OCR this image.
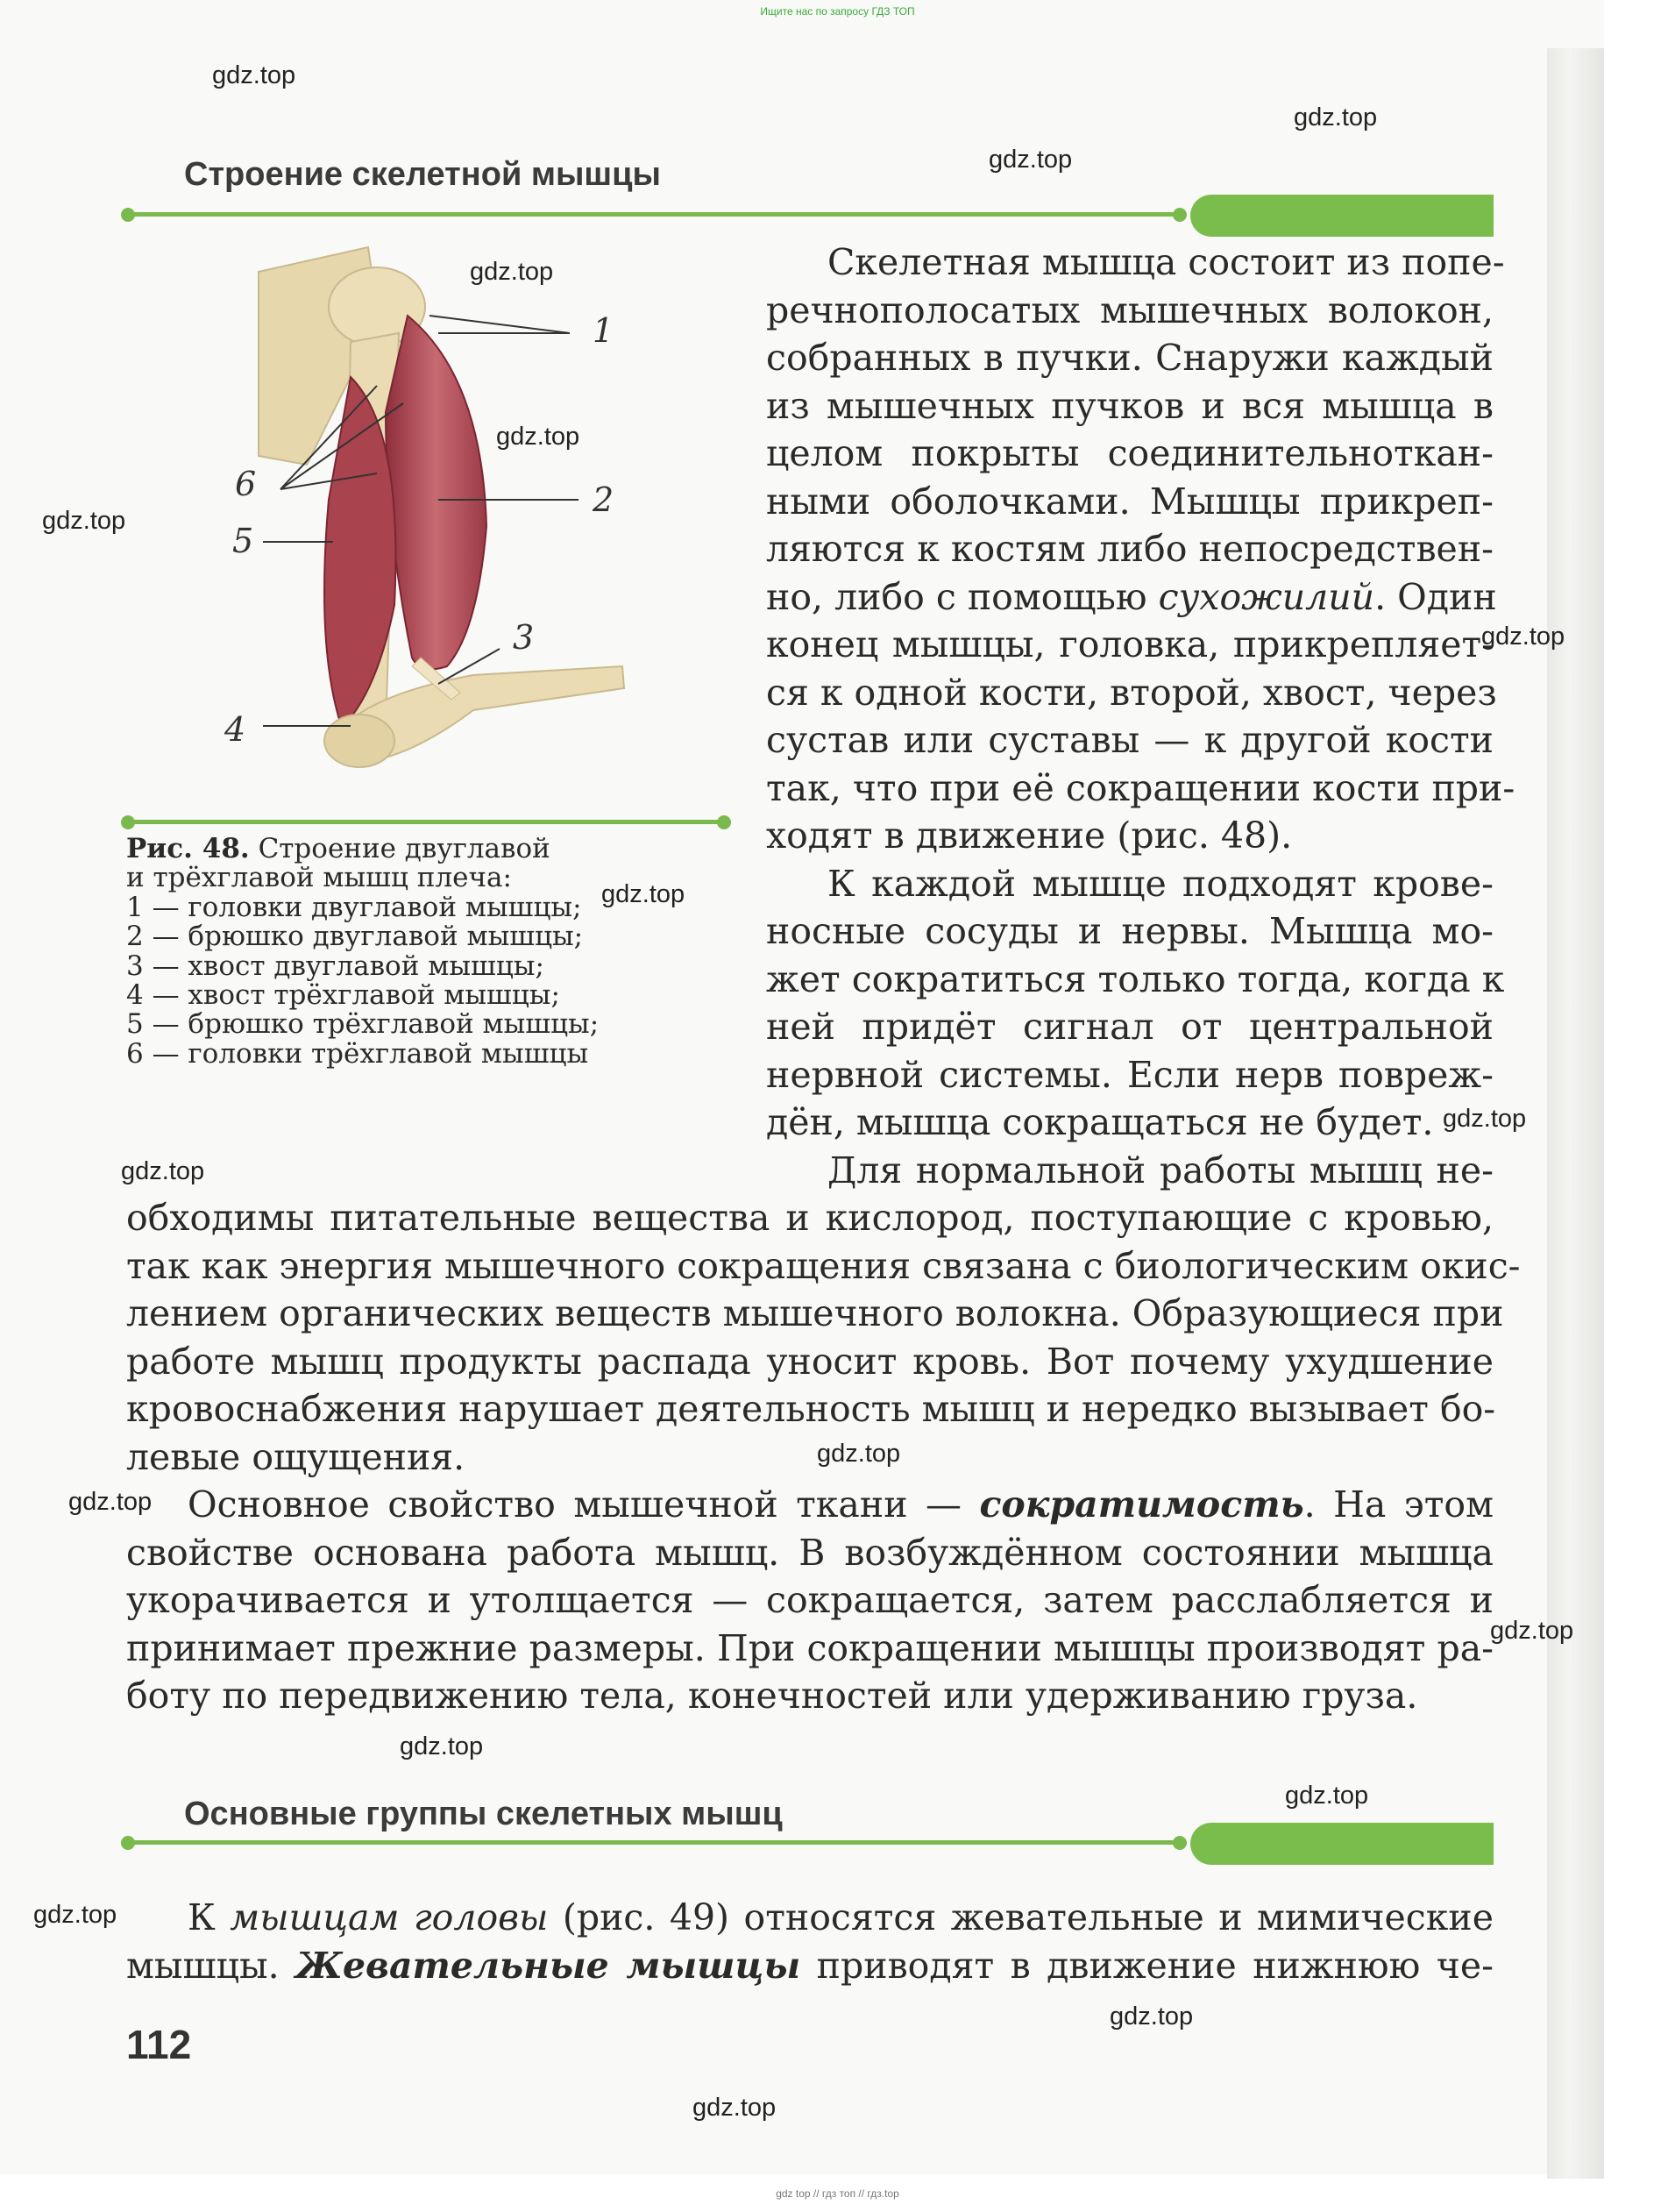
Ищите нас по запросу ГДЗ ТОП
Строение скелетной мышцы
1
2
3
4
5
6
Рис. 48. Строение двуглавой
и трёхглавой мышц плеча:
1 — головки двуглавой мышцы;
2 — брюшко двуглавой мышцы;
3 — хвост двуглавой мышцы;
4 — хвост трёхглавой мышцы;
5 — брюшко трёхглавой мышцы;
6 — головки трёхглавой мышцы
Скелетная мышца состоит из попе-
речнополосатых мышечных волокон,
собранных в пучки. Снаружи каждый
из мышечных пучков и вся мышца в
целом покрыты соединительноткан-
ными оболочками. Мышцы прикреп-
ляются к костям либо непосредствен-
но, либо с помощью сухожилий. Один
конец мышцы, головка, прикрепляет-
ся к одной кости, второй, хвост, через
сустав или суставы — к другой кости
так, что при её сокращении кости при-
ходят в движение (рис. 48).
К каждой мышце подходят крове-
носные сосуды и нервы. Мышца мо-
жет сократиться только тогда, когда к
ней придёт сигнал от центральной
нервной системы. Если нерв повреж-
дён, мышца сокращаться не будет.
Для нормальной работы мышц не-
обходимы питательные вещества и кислород, поступающие с кровью,
так как энергия мышечного сокращения связана с биологическим окис-
лением органических веществ мышечного волокна. Образующиеся при
работе мышц продукты распада уносит кровь. Вот почему ухудшение
кровоснабжения нарушает деятельность мышц и нередко вызывает бо-
левые ощущения.
Основное свойство мышечной ткани — сократимость. На этом
свойстве основана работа мышц. В возбуждённом состоянии мышца
укорачивается и утолщается — сокращается, затем расслабляется и
принимает прежние размеры. При сокращении мышцы производят ра-
боту по передвижению тела, конечностей или удерживанию груза.
Основные группы скелетных мышц
К мышцам головы (рис. 49) относятся жевательные и мимические
мышцы. Жевательные мышцы приводят в движение нижнюю че-
112
gdz.top
gdz.top
gdz.top
gdz.top
gdz.top
gdz.top
gdz.top
gdz.top
gdz.top
gdz.top
gdz.top
gdz.top
gdz.top
gdz.top
gdz.top
gdz.top
gdz.top
gdz.top
gdz top // гдз топ // гдз.top
